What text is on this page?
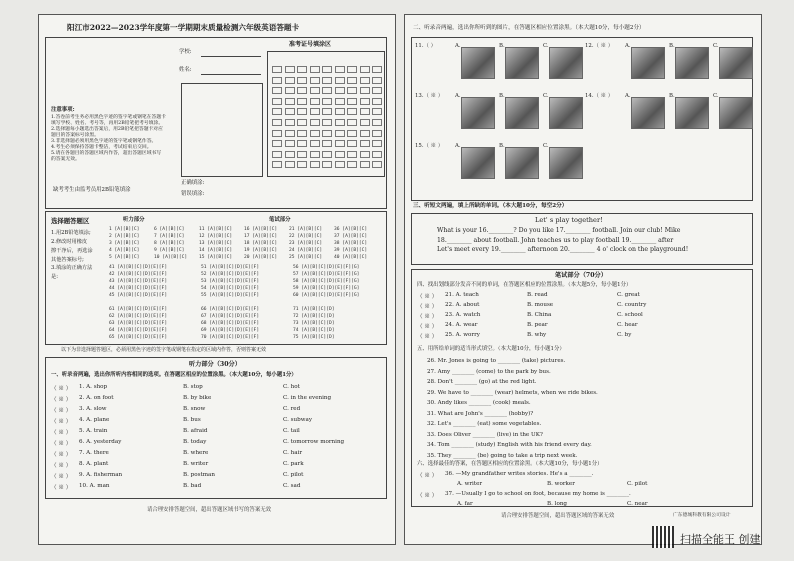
阳江市2022—2023学年度第一学期期末质量检测六年级英语答题卡
学校:
姓名:
准考证号填涂区
注意事项:
1.答卷前考生务必用黑色字迹的签字笔或钢笔在答题卡
填写学校、姓名、考号等，再用2B铅笔把考号填涂。
2.选择题每小题选出答案后，用2B铅笔把答题卡对应
题目的答案标号涂黑。
3.非选择题必须用黑色字迹的签字笔或钢笔作答。
4.考生必须保持答题卡整洁，考试结束后交回。
5.请在各题目的答题区域内作答，超出答题区域书写
的答案无效。
缺考考生由监考员用2B铅笔填涂
正确填涂:
错误填涂:
选择题答题区
1.用2B铅笔填涂;
2.修改时用橡皮
擦干净后，再选涂
其他答案标号;
3.填涂的正确方法
是:
听力部分	笔试部分
1 [A][B][C]	6 [A][B][C]	11 [A][B][C]	16 [A][B][C]	21 [A][B][C]	36 [A][B][C]
2 [A][B][C]	7 [A][B][C]	12 [A][B][C]	17 [A][B][C]	22 [A][B][C]	37 [A][B][C]
3 [A][B][C]	8 [A][B][C]	13 [A][B][C]	18 [A][B][C]	23 [A][B][C]	38 [A][B][C]
4 [A][B][C]	9 [A][B][C]	14 [A][B][C]	19 [A][B][C]	24 [A][B][C]	39 [A][B][C]
5 [A][B][C]	10 [A][B][C]	15 [A][B][C]	20 [A][B][C]	25 [A][B][C]	40 [A][B][C]
41 [A][B][C][D][E][F]	51 [A][B][C][D][E][F]	56 [A][B][C][D][E][F][G]
42 [A][B][C][D][E][F]	52 [A][B][C][D][E][F]	57 [A][B][C][D][E][F][G]
43 [A][B][C][D][E][F]	53 [A][B][C][D][E][F]	58 [A][B][C][D][E][F][G]
44 [A][B][C][D][E][F]	54 [A][B][C][D][E][F]	59 [A][B][C][D][E][F][G]
45 [A][B][C][D][E][F]	55 [A][B][C][D][E][F]	60 [A][B][C][D][E][F][G]
61 [A][B][C][D][E][F]	66 [A][B][C][D][E][F]	71 [A][B][C][D]
62 [A][B][C][D][E][F]	67 [A][B][C][D][E][F]	72 [A][B][C][D]
63 [A][B][C][D][E][F]	68 [A][B][C][D][E][F]	73 [A][B][C][D]
64 [A][B][C][D][E][F]	69 [A][B][C][D][E][F]	74 [A][B][C][D]
65 [A][B][C][D][E][F]	70 [A][B][C][D][E][F]	75 [A][B][C][D]
以下为非选择题答题区，必须用黑色字迹的签字笔或钢笔在指定的区域内作答，否则答案无效
听力部分（30分）
一、听录音两遍，选出你所听内容相同的选项。在答题区相应的位置涂黑。（本大题10分，每小题1分）
（ ※ ） 1. A. shop	B. stop	C. hot
（ ※ ） 2. A. on foot	B. by bike	C. in the evening
（ ※ ） 3. A. slow	B. snow	C. red
（ ※ ） 4. A. plane	B. bus	C. subway
（ ※ ） 5. A. train	B. afraid	C. tail
（ ※ ） 6. A. yesterday	B. today	C. tomorrow morning
（ ※ ） 7. A. there	B. where	C. hair
（ ※ ） 8. A. plant	B. writer	C. park
（ ※ ） 9. A. fisherman	B. postman	C. pilot
（ ※ ） 10. A. man	B. bad	C. sad
请合理安排答题空间，超出答题区域书写的答案无效
二、听录音两遍，选出你所听到的图片，在答题区相应位置涂黑。（本大题10分，每小题2分）
11.（ ）	A.	B.	C.	12.（ ※ ） A.	B.	C.
13.（ ※ ） A.	B.	C.	14.（ ※ ） A.	B.	C.
15.（ ※ ） A.	B.	C.
三、听短文两遍，填上所缺的单词。（本大题10分，每空2分）
Let' s play together!
What is your 16.________? Do you like 17.________ football. Join our club! Mike
18.________ about football. John teaches us to play football 19.________ after
Let's meet every 19.________ afternoon 20.________ 4 o' clock on the playground!
笔试部分（70分）
四、找出划线部分发音不同的单词，在答题区相应的位置涂黑。（本大题5分，每小题1分）
（ ※ ） 21. A. teach	B. read	C. great
（ ※ ） 22. A. about	B. mouse	C. country
（ ※ ） 23. A. watch	B. China	C. school
（ ※ ） 24. A. wear	B. pear	C. hear
（ ※ ） 25. A. worry	B. why	C. by
五、用所给单词的适当形式填空。（本大题10分，每小题1分）
26. Mr. Jones is going to ________ (take) pictures.
27. Amy ________ (come) to the park by bus.
28. Don't ________ (go) at the red light.
29. We have to ________ (wear) helmets, when we ride bikes.
30. Andy likes ________ (cook) meals.
31. What are John's ________ (hobby)?
32. Let's ________ (eat) some vegetables.
33. Does Oliver ________ (live) in the UK?
34. Tom ________ (study) English with his friend every day.
35. They ________ (be) going to take a trip next week.
六、选择最佳的答案，在答题区相应的位置涂黑。（本大题10分，每小题1分）
（ ※ ） 36. —My grandfather writes stories. He's a ________.
A. writer	B. worker	C. pilot
（ ※ ） 37. —Usually I go to school on foot, because my home is ________.
A. far	B. long	C. near
请合理安排答题空间，超出答题区域的答案无效	广东德城科教有限公司设计
扫描全能王 创建
